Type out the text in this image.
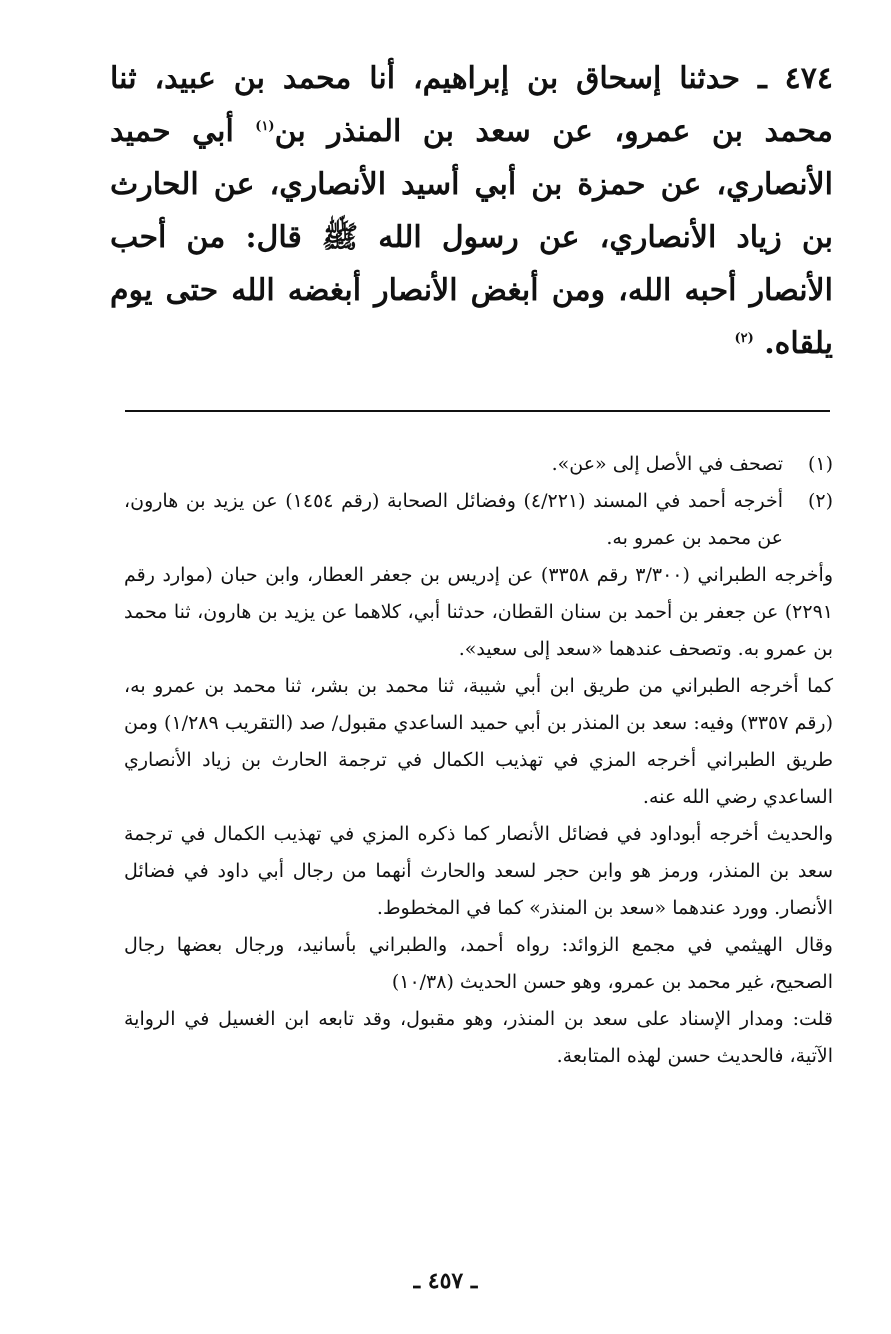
٤٧٤ ـ حدثنا إسحاق بن إبراهيم، أنا محمد بن عبيد، ثنا محمد بن عمرو، عن سعد بن المنذر بن$^{(١)}$ أبي حميد الأنصاري، عن حمزة بن أبي أسيد الأنصاري، عن الحارث بن زياد الأنصاري، عن رسول الله ﷺ قال: من أحب الأنصار أحبه الله، ومن أبغض الأنصار أبغضه الله حتى يوم يلقاه. $^{(٢)}$

(١)

تصحف في الأصل إلى «عن».

(٢)

أخرجه أحمد في المسند (٤/٢٢١) وفضائل الصحابة (رقم ١٤٥٤) عن يزيد بن هارون، عن محمد بن عمرو به.

وأخرجه الطبراني (٣/٣٠٠ رقم ٣٣٥٨) عن إدريس بن جعفر العطار، وابن حبان (موارد رقم ٢٢٩١) عن جعفر بن أحمد بن سنان القطان، حدثنا أبي، كلاهما عن يزيد بن هارون، ثنا محمد بن عمرو به. وتصحف عندهما «سعد إلى سعيد».

كما أخرجه الطبراني من طريق ابن أبي شيبة، ثنا محمد بن بشر، ثنا محمد بن عمرو به، (رقم ٣٣٥٧) وفيه: سعد بن المنذر بن أبي حميد الساعدي مقبول/ صد (التقريب ١/٢٨٩) ومن طريق الطبراني أخرجه المزي في تهذيب الكمال في ترجمة الحارث بن زياد الأنصاري الساعدي رضي الله عنه.

والحديث أخرجه أبوداود في فضائل الأنصار كما ذكره المزي في تهذيب الكمال في ترجمة سعد بن المنذر، ورمز هو وابن حجر لسعد والحارث أنهما من رجال أبي داود في فضائل الأنصار. وورد عندهما «سعد بن المنذر» كما في المخطوط.

وقال الهيثمي في مجمع الزوائد: رواه أحمد، والطبراني بأسانيد، ورجال بعضها رجال الصحيح، غير محمد بن عمرو، وهو حسن الحديث (١٠/٣٨)

قلت: ومدار الإسناد على سعد بن المنذر، وهو مقبول، وقد تابعه ابن الغسيل في الرواية الآتية، فالحديث حسن لهذه المتابعة.

ـ ٤٥٧ ـ
